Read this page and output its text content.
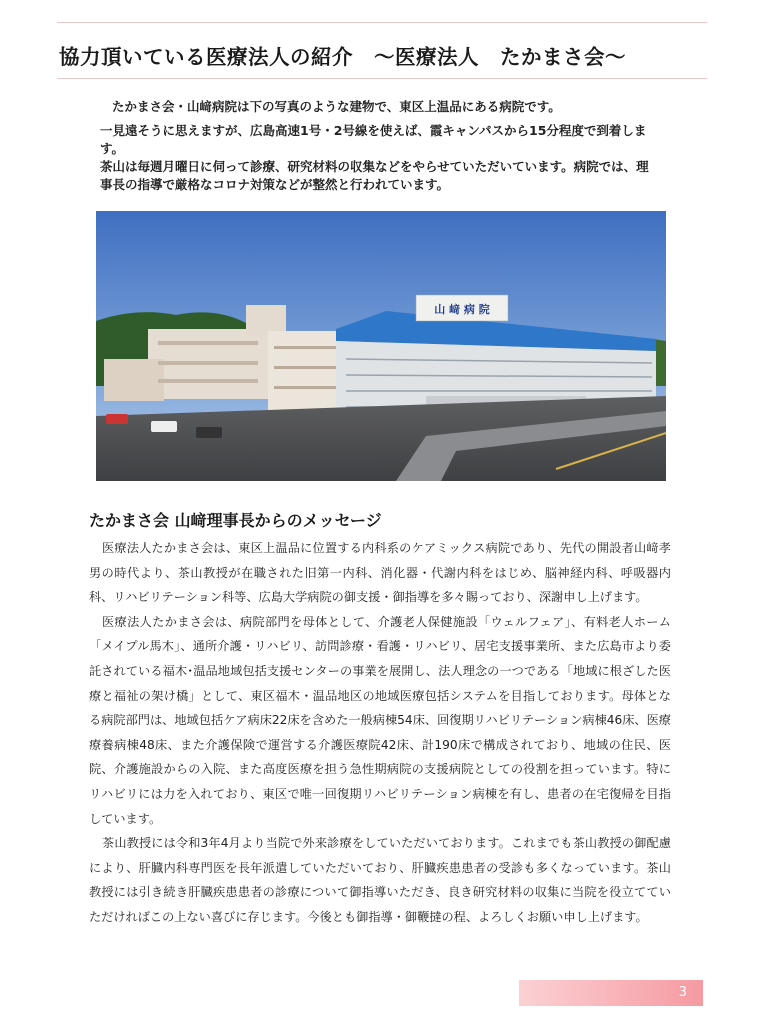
協力頂いている医療法人の紹介　～医療法人　たかまさ会～

たかまさ会・山﨑病院は下の写真のような建物で、東区上温品にある病院です。

一見遠そうに思えますが、広島高速1号・2号線を使えば、霞キャンパスから15分程度で到着します。

茶山は毎週月曜日に伺って診療、研究材料の収集などをやらせていただいています。病院では、理事長の指導で厳格なコロナ対策などが整然と行われています。

山 﨑 病 院
たかまさ会 山﨑理事長からのメッセージ

医療法人たかまさ会は、東区上温品に位置する内科系のケアミックス病院であり、先代の開設者山﨑孝男の時代より、茶山教授が在職された旧第一内科、消化器・代謝内科をはじめ、脳神経内科、呼吸器内科、リハビリテーション科等、広島大学病院の御支援・御指導を多々賜っており、深謝申し上げます。

医療法人たかまさ会は、病院部門を母体として、介護老人保健施設「ウェルフェア」、有料老人ホーム「メイプル馬木」、通所介護・リハビリ、訪問診療・看護・リハビリ、居宅支援事業所、また広島市より委託されている福木･温品地域包括支援センターの事業を展開し、法人理念の一つである「地域に根ざした医療と福祉の架け橋」として、東区福木・温品地区の地域医療包括システムを目指しております。母体となる病院部門は、地域包括ケア病床22床を含めた一般病棟54床、回復期リハビリテーション病棟46床、医療療養病棟48床、また介護保険で運営する介護医療院42床、計190床で構成されており、地域の住民、医院、介護施設からの入院、また高度医療を担う急性期病院の支援病院としての役割を担っています。特にリハビリには力を入れており、東区で唯一回復期リハビリテーション病棟を有し、患者の在宅復帰を目指しています。

茶山教授には令和3年4月より当院で外来診療をしていただいております。これまでも茶山教授の御配慮により、肝臓内科専門医を長年派遣していただいており、肝臓疾患患者の受診も多くなっています。茶山教授には引き続き肝臓疾患患者の診療について御指導いただき、良き研究材料の収集に当院を役立てていただければこの上ない喜びに存じます。今後とも御指導・御鞭撻の程、よろしくお願い申し上げます。

3
